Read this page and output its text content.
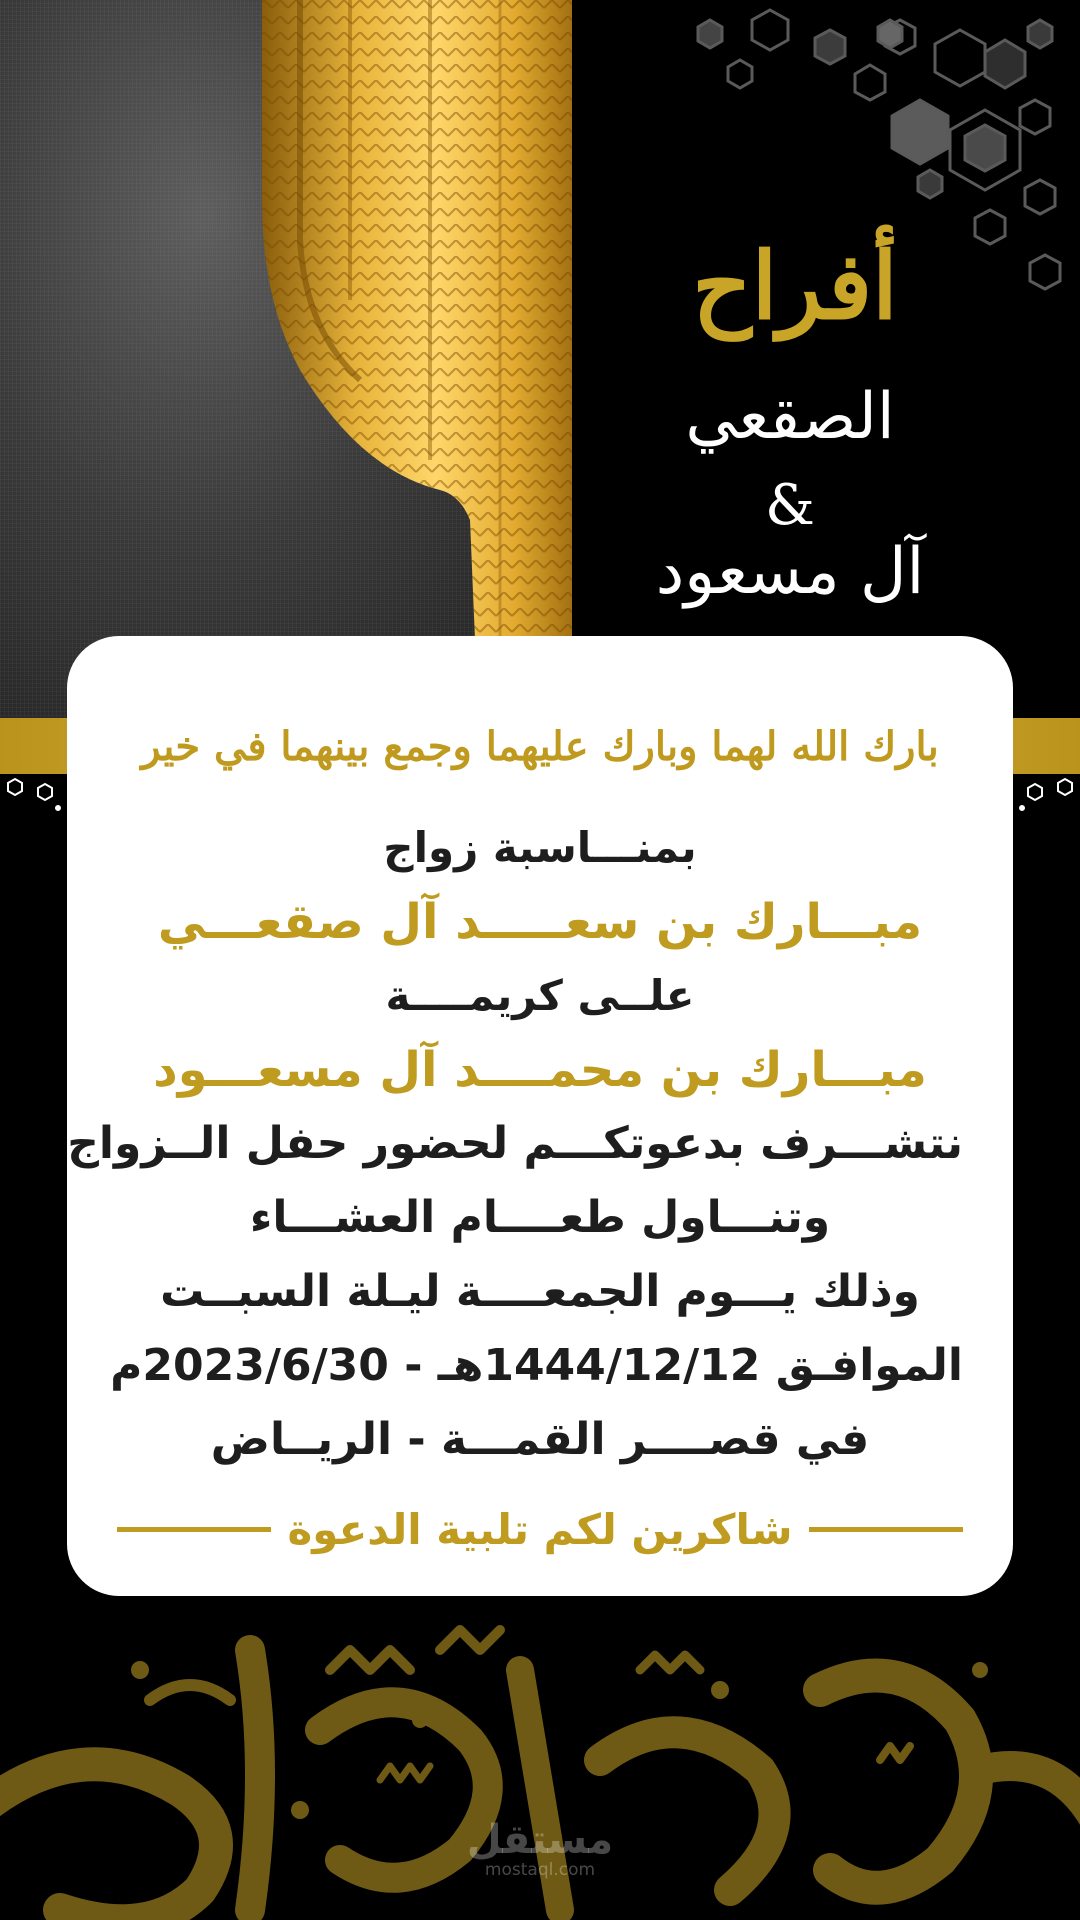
أفراح
الصقعي
&
آل مسعود
بارك الله لهما وبارك عليهما وجمع بينهما في خير
بمنـــاسبة زواج
مبـــارك بن سعـــــد آل صقعـــي
علــى كريمــــة
مبـــارك بن محمــــد آل مسعـــود
نتشـــرف بدعوتكـــم لحضور حفل الــزواج
وتنـــاول طعــــام العشـــاء
وذلك يـــوم الجمعــــة ليـلة السبــت
الموافـق 1444/12/12هـ - 2023/6/30م
في قصــــر القمـــة - الريــاض
شاكرين لكم تلبية الدعوة
مستقل
mostaql.com
